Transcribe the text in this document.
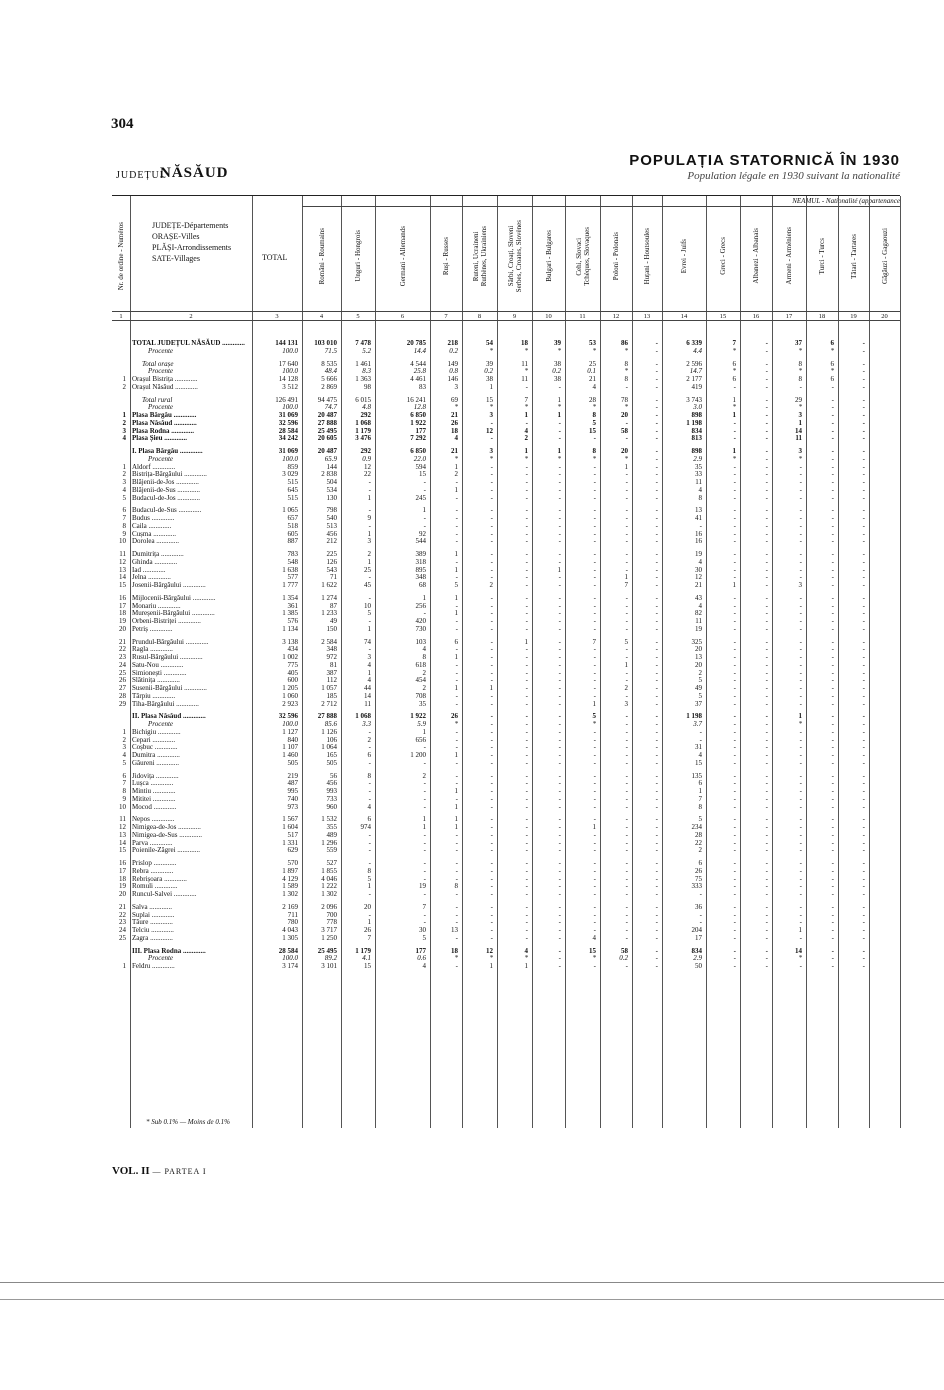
304
JUDEȚUL
NĂSĂUD
POPULAȚIA STATORNICĂ ÎN 1930
Population légale en 1930 suivant la nationalité
NEAMUL - Nationalité (appartenance
JUDEȚE-Départements
ORAȘE-Villes
PLĂȘI-Arrondissements
SATE-Villages	TOTAL
Nr. de ordine - Numéros	Români - Roumains	Unguri - Hongrois	Germani - Allemands	Ruși - Russes	Ruteni, Ucraineni
Ruthènes, Ukrainiens
Sârbi, Croați, Sloveni
Serbes, Croates, Slovènes	Bulgari - Bulgares	Cehi, Slovaci
Tchèques, Slovaques	Poloni - Polonais	Huțani - Houtsoules	Evrei - Juifs	Greci - Grecs	Albanezi - Albanais	Armeni - Arméniens	Turci - Turcs	Tătari - Tartares	Găgăuzi - Gagaouzi
1	2	3	4	5	6	7	8	9	10	11	12	13	14	15	16	17	18	19	20
TOTAL JUDEȚUL NĂSĂUD .............	144 131	103 010	7 478	20 785	218	54	18	39	53	86	-	6 339	7	-	37	6	-
Procente	100.0	71.5	5.2	14.4	0.2	*	*	*	*	*	-	4.4	*	-	*	*	-
Total orașe	17 640	8 535	1 461	4 544	149	39	11	38	25	8	-	2 596	6	-	8	6	-
Procente	100.0	48.4	8.3	25.8	0.8	0.2	*	0.2	0.1	*	-	14.7	*	-	*	*	-
1 Orașul Bistrița .............	14 128	5 666	1 363	4 461	146	38	11	38	21	8	-	2 177	6	-	8	6	-
2 Orașul Năsăud .............	3 512	2 869	98	83	3	1	-	-	4	-	-	419	-	-	-	-	-
Total rural	126 491	94 475	6 015	16 241	69	15	7	1	28	78	-	3 743	1	-	29	-	-
Procente	100.0	74.7	4.8	12.8	*	*	*	*	*	*	-	3.0	*	-	*	-	-
1 Plasa Bârgău .............	31 069	20 487	292	6 850	21	3	1	1	8	20	-	898	1	-	3	-	-
2 Plasa Năsăud .............	32 596	27 888	1 068	1 922	26	-	-	-	5	-	-	1 198	-	-	1	-	-
3 Plasa Rodna .............	28 584	25 495	1 179	177	18	12	4	-	15	58	-	834	-	-	14	-	-
4 Plasa Șieu .............	34 242	20 605	3 476	7 292	4	-	2	-	-	-	-	813	-	-	11	-	-
I. Plasa Bârgău .............	31 069	20 487	292	6 850	21	3	1	1	8	20	-	898	1	-	3	-	-
Procente	100.0	65.9	0.9	22.0	*	*	*	*	*	*	-	2.9	*	-	*	-	-
1 Aldorf .............	859	144	12	594	1	-	-	-	-	1	-	35	-	-	-	-	-
2 Bistrița-Bârgăului .............	3 029	2 838	22	15	2	-	-	-	-	-	-	33	-	-	-	-	-
3 Blăjenii-de-Jos .............	515	504	-	-	-	-	-	-	-	-	-	11	-	-	-	-	-
4 Blăjenii-de-Sus .............	645	534	-	-	1	-	-	-	-	-	-	4	-	-	-	-	-
5 Budacul-de-Jos .............	515	130	1	245	-	-	-	-	-	-	-	8	-	-	-	-	-
6 Budacul-de-Sus .............	1 065	798	-	1	-	-	-	-	-	-	-	13	-	-	-	-	-
7 Budus .............	657	540	9	-	-	-	-	-	-	-	-	41	-	-	-	-	-
8 Caila .............	518	513	-	-	-	-	-	-	-	-	-	-	-	-	-	-	-
9 Cușma .............	605	456	1	92	-	-	-	-	-	-	-	16	-	-	-	-	-
10 Dorolea .............	887	212	3	544	-	-	-	-	-	-	-	16	-	-	-	-	-
11 Dumitrița .............	783	225	2	389	1	-	-	-	-	-	-	19	-	-	-	-	-
12 Ghinda .............	548	126	1	318	-	-	-	-	-	-	-	4	-	-	-	-	-
13 Iad .............	1 638	543	25	895	1	-	-	1	-	-	-	30	-	-	-	-	-
14 Jelna .............	577	71	-	348	-	-	-	-	-	1	-	12	-	-	-	-	-
15 Josenii-Bârgăului .............	1 777	1 622	45	68	5	2	-	-	-	7	-	21	1	-	3	-	-
16 Mijlocenii-Bârgăului .............	1 354	1 274	-	1	1	-	-	-	-	-	-	43	-	-	-	-	-
17 Monariu .............	361	87	10	256	-	-	-	-	-	-	-	4	-	-	-	-	-
18 Mureșenii-Bârgăului .............	1 385	1 233	5	-	1	-	-	-	-	-	-	82	-	-	-	-	-
19 Orbeni-Bistriței .............	576	49	-	420	-	-	-	-	-	-	-	11	-	-	-	-	-
20 Petriș .............	1 134	150	1	730	-	-	-	-	-	-	-	19	-	-	-	-	-
21 Prundul-Bârgăului .............	3 138	2 584	74	103	6	-	1	-	7	5	-	325	-	-	-	-	-
22 Ragla .............	434	348	-	4	-	-	-	-	-	-	-	20	-	-	-	-	-
23 Rusul-Bârgăului .............	1 002	972	3	8	1	-	-	-	-	-	-	13	-	-	-	-	-
24 Satu-Nou .............	775	81	4	618	-	-	-	-	-	1	-	20	-	-	-	-	-
25 Simionești .............	405	387	1	2	-	-	-	-	-	-	-	2	-	-	-	-	-
26 Slătinița .............	600	112	4	454	-	-	-	-	-	-	-	5	-	-	-	-	-
27 Susenii-Bârgăului .............	1 205	1 057	44	2	1	1	-	-	-	2	-	49	-	-	-	-	-
28 Târpiu .............	1 060	185	14	708	-	-	-	-	-	-	-	5	-	-	-	-	-
29 Tiha-Bârgăului .............	2 923	2 712	11	35	-	-	-	-	1	3	-	37	-	-	-	-	-
II. Plasa Năsăud .............	32 596	27 888	1 068	1 922	26	-	-	-	5	-	-	1 198	-	-	1	-	-
Procente	100.0	85.6	3.3	5.9	*	-	-	-	*	-	-	3.7	-	-	*	-	-
1 Bichigiu .............	1 127	1 126	-	1	-	-	-	-	-	-	-	-	-	-	-	-	-
2 Cepari .............	840	106	2	656	-	-	-	-	-	-	-	-	-	-	-	-	-
3 Coșbuc .............	1 107	1 064	-	-	-	-	-	-	-	-	-	31	-	-	-	-	-
4 Dumitra .............	1 460	165	6	1 200	1	-	-	-	-	-	-	4	-	-	-	-	-
5 Găureni .............	505	505	-	-	-	-	-	-	-	-	-	15	-	-	-	-	-
6 Jidovița .............	219	56	8	2	-	-	-	-	-	-	-	135	-	-	-	-	-
7 Lușca .............	487	456	-	-	-	-	-	-	-	-	-	6	-	-	-	-	-
8 Mintiu .............	995	993	-	-	1	-	-	-	-	-	-	1	-	-	-	-	-
9 Mititei .............	740	733	-	-	-	-	-	-	-	-	-	7	-	-	-	-	-
10 Mocod .............	973	960	4	-	1	-	-	-	-	-	-	8	-	-	-	-	-
11 Nepos .............	1 567	1 532	6	1	1	-	-	-	-	-	-	5	-	-	-	-	-
12 Nimigea-de-Jos .............	1 604	355	974	1	1	-	-	-	1	-	-	234	-	-	-	-	-
13 Nimigea-de-Sus .............	517	489	-	-	-	-	-	-	-	-	-	28	-	-	-	-	-
14 Parva .............	1 331	1 296	-	-	-	-	-	-	-	-	-	22	-	-	-	-	-
15 Poienile-Zăgrei .............	629	559	-	-	-	-	-	-	-	-	-	2	-	-	-	-	-
16 Prislop .............	570	527	-	-	-	-	-	-	-	-	-	6	-	-	-	-	-
17 Rebra .............	1 897	1 855	8	-	-	-	-	-	-	-	-	26	-	-	-	-	-
18 Rebrișoara .............	4 129	4 046	5	-	-	-	-	-	-	-	-	75	-	-	-	-	-
19 Romuli .............	1 589	1 222	1	19	8	-	-	-	-	-	-	333	-	-	-	-	-
20 Runcul-Salvei .............	1 302	1 302	-	-	-	-	-	-	-	-	-	-	-	-	-	-	-
21 Salva .............	2 169	2 096	20	7	-	-	-	-	-	-	-	36	-	-	-	-	-
22 Suplai .............	711	700	-	-	-	-	-	-	-	-	-	-	-	-	-	-	-
23 Tăure .............	780	778	1	-	-	-	-	-	-	-	-	-	-	-	-	-	-
24 Telciu .............	4 043	3 717	26	30	13	-	-	-	-	-	-	204	-	-	1	-	-
25 Zagra .............	1 305	1 250	7	5	-	-	-	-	4	-	-	17	-	-	-	-	-
III. Plasa Rodna .............	28 584	25 495	1 179	177	18	12	4	-	15	58	-	834	-	-	14	-	-
Procente	100.0	89.2	4.1	0.6	*	*	*	-	*	0.2	-	2.9	-	-	*	-	-
1 Feldru .............	3 174	3 101	15	4	-	1	1	-	-	-	-	50	-	-	-	-	-
* Sub 0.1% — Moins de 0.1%
VOL. II — PARTEA I
